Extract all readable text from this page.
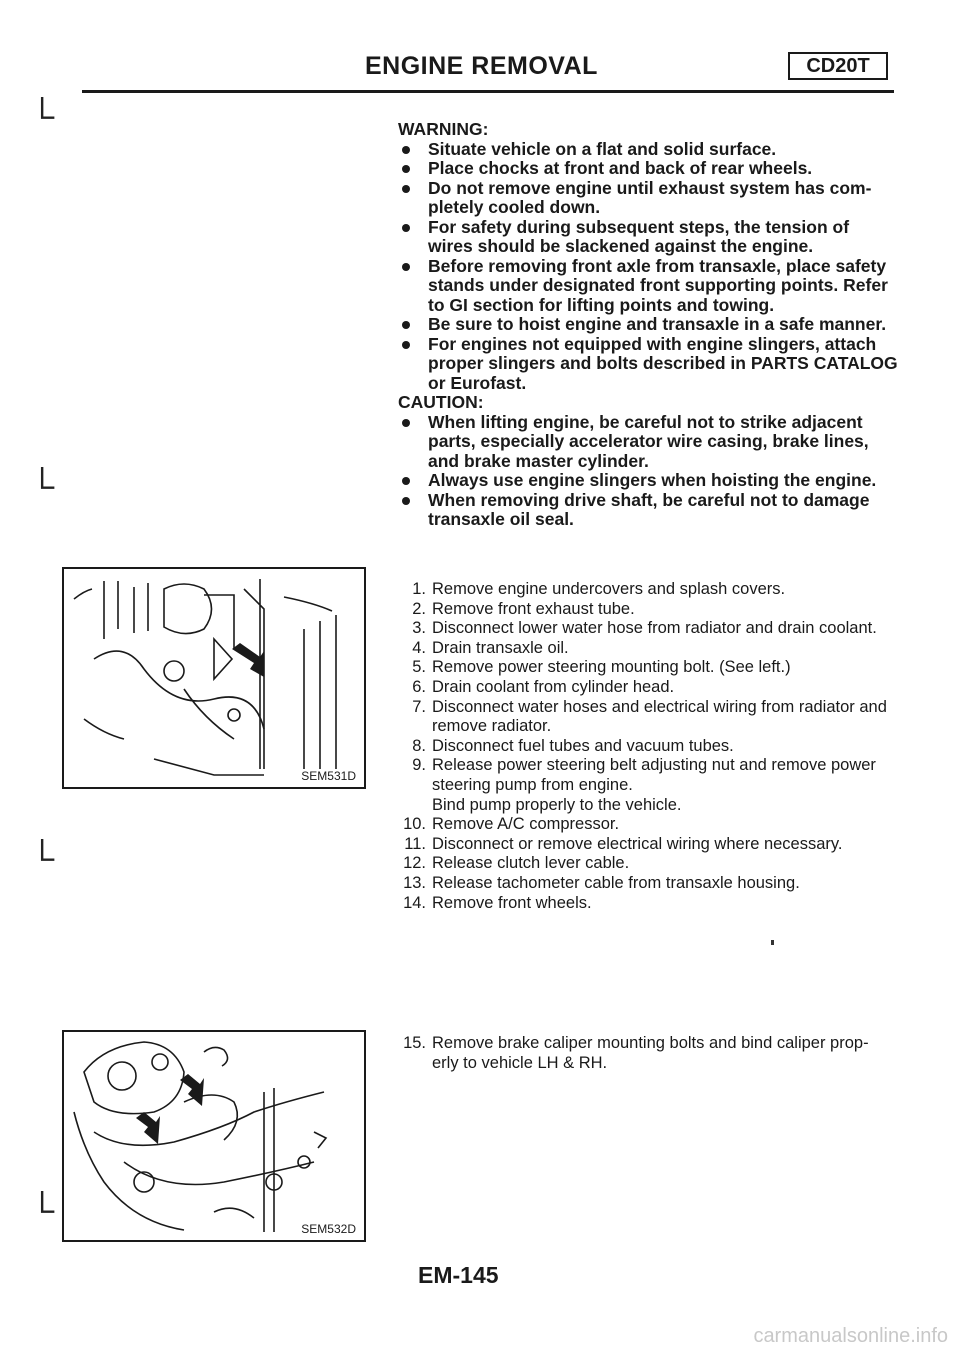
ENGINE REMOVAL	CD20T
└
└
└
└

WARNING:

Situate vehicle on a flat and solid surface.
Place chocks at front and back of rear wheels.
Do not remove engine until exhaust system has com- pletely cooled down.
For safety during subsequent steps, the tension of wires should be slackened against the engine.
Before removing front axle from transaxle, place safety stands under designated front supporting points. Refer to GI section for lifting points and towing.
Be sure to hoist engine and transaxle in a safe manner.
For engines not equipped with engine slingers, attach proper slingers and bolts described in PARTS CATALOG or Eurofast.

CAUTION:

When lifting engine, be careful not to strike adjacent parts, especially accelerator wire casing, brake lines, and brake master cylinder.
Always use engine slingers when hoisting the engine.
When removing drive shaft, be careful not to damage transaxle oil seal.
SEM531D
1. Remove engine undercovers and splash covers.
2. Remove front exhaust tube.
3. Disconnect lower water hose from radiator and drain coolant.
4. Drain transaxle oil.
5. Remove power steering mounting bolt. (See left.)
6. Drain coolant from cylinder head.
7. Disconnect water hoses and electrical wiring from radiator and remove radiator.
8. Disconnect fuel tubes and vacuum tubes.
9. Release power steering belt adjusting nut and remove power steering pump from engine.
Bind pump properly to the vehicle.
10. Remove A/C compressor.
11. Disconnect or remove electrical wiring where necessary.
12. Release clutch lever cable.
13. Release tachometer cable from transaxle housing.
14. Remove front wheels.
SEM532D
15. Remove brake caliper mounting bolts and bind caliper prop- erly to vehicle LH & RH.
EM-145
carmanualsonline.info
